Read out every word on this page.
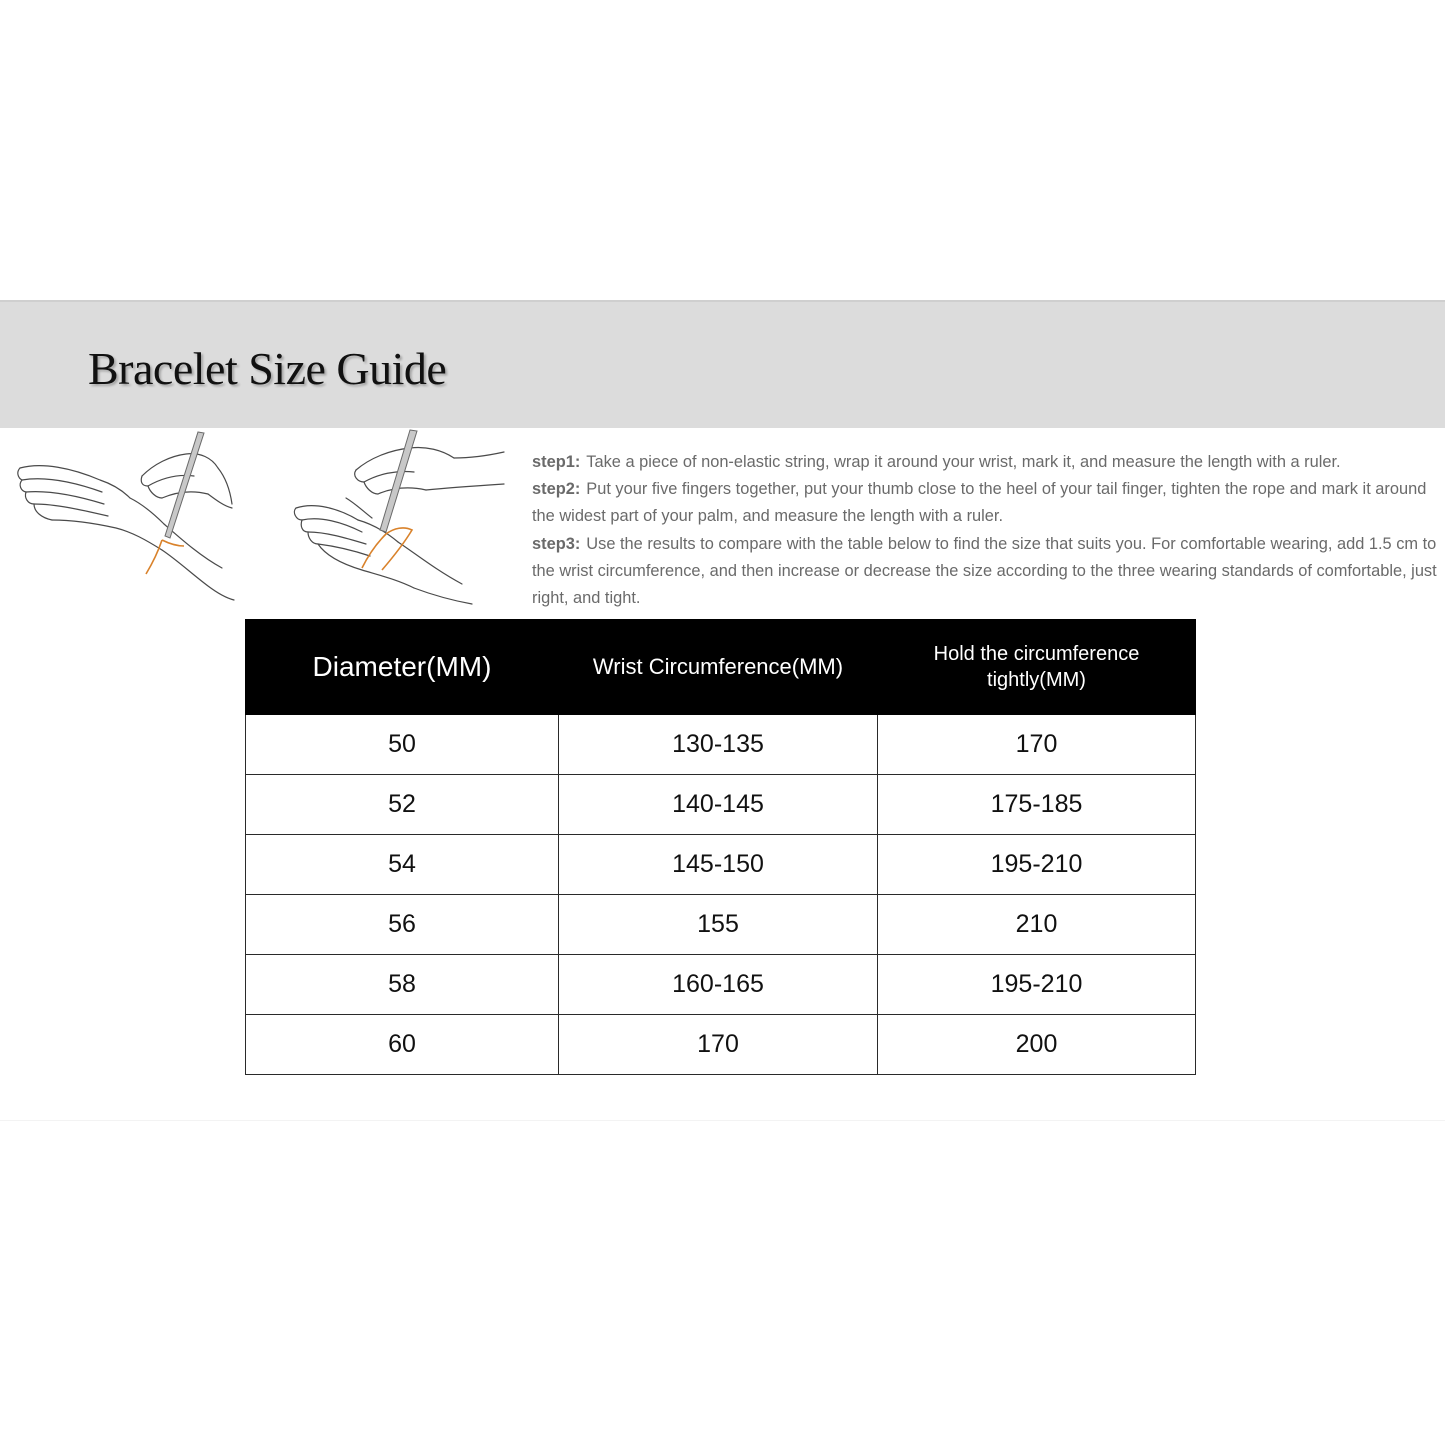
Bracelet Size Guide

step1: Take a piece of non-elastic string, wrap it around your wrist, mark it, and measure the length with a ruler.

step2: Put your five fingers together, put your thumb close to the heel of your tail finger, tighten the rope and mark it around the widest part of your palm, and measure the length with a ruler.

step3: Use the results to compare with the table below to find the size that suits you. For comfortable wearing, add 1.5 cm to the wrist circumference, and then increase or decrease the size according to the three wearing standards of comfortable, just right, and tight.

Diameter(MM)	Wrist Circumference(MM)	Hold the circumference
tightly(MM)

50	130-135	170
52	140-145	175-185
54	145-150	195-210
56	155	210
58	160-165	195-210
60	170	200
